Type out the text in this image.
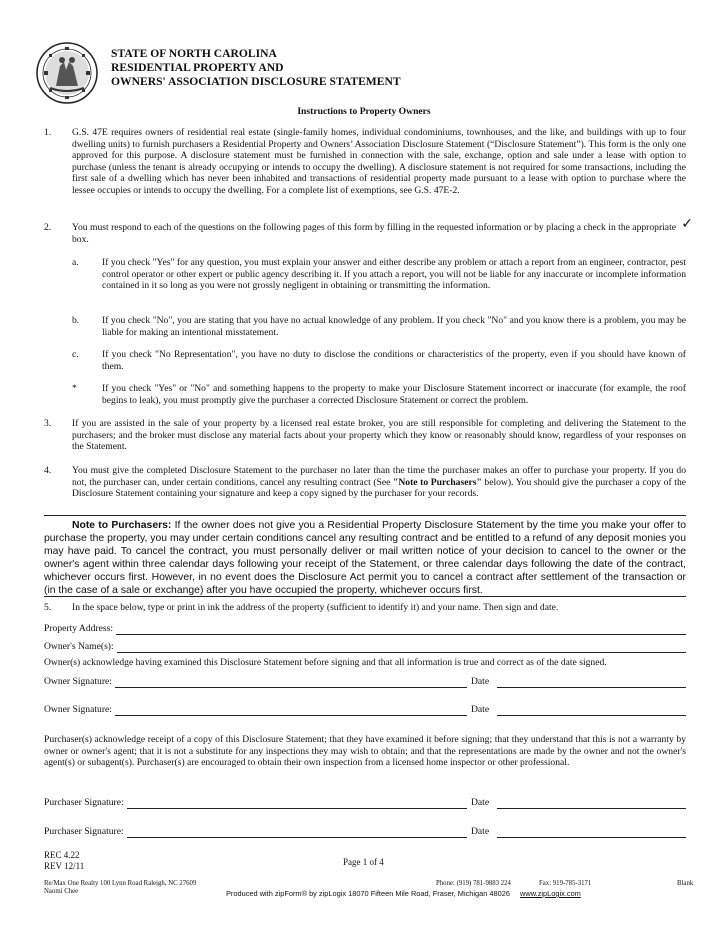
STATE OF NORTH CAROLINA
RESIDENTIAL PROPERTY AND
OWNERS' ASSOCIATION DISCLOSURE STATEMENT
Instructions to Property Owners
1. G.S. 47E requires owners of residential real estate (single-family homes, individual condominiums, townhouses, and the like, and buildings with up to four dwelling units) to furnish purchasers a Residential Property and Owners’ Association Disclosure Statement (“Disclosure Statement”). This form is the only one approved for this purpose. A disclosure statement must be furnished in connection with the sale, exchange, option and sale under a lease with option to purchase (unless the tenant is already occupying or intends to occupy the dwelling). A disclosure statement is not required for some transactions, including the first sale of a dwelling which has never been inhabited and transactions of residential property made pursuant to a lease with option to purchase where the lessee occupies or intends to occupy the dwelling. For a complete list of exemptions, see G.S. 47E-2.
2. You must respond to each of the questions on the following pages of this form by filling in the requested information or by placing a check in the appropriate box.
✓
a. If you check "Yes" for any question, you must explain your answer and either describe any problem or attach a report from an engineer, contractor, pest control operator or other expert or public agency describing it. If you attach a report, you will not be liable for any inaccurate or incomplete information contained in it so long as you were not grossly negligent in obtaining or transmitting the information.
b. If you check "No", you are stating that you have no actual knowledge of any problem. If you check "No" and you know there is a problem, you may be liable for making an intentional misstatement.
c. If you check "No Representation", you have no duty to disclose the conditions or characteristics of the property, even if you should have known of them.
*	If you check "Yes" or "No" and something happens to the property to make your Disclosure Statement incorrect or inaccurate (for example, the roof begins to leak), you must promptly give the purchaser a corrected Disclosure Statement or correct the problem.
3. If you are assisted in the sale of your property by a licensed real estate broker, you are still responsible for completing and delivering the Statement to the purchasers; and the broker must disclose any material facts about your property which they know or reasonably should know, regardless of your responses on the Statement.
4. You must give the completed Disclosure Statement to the purchaser no later than the time the purchaser makes an offer to purchase your property. If you do not, the purchaser can, under certain conditions, cancel any resulting contract (See "Note to Purchasers" below). You should give the purchaser a copy of the Disclosure Statement containing your signature and keep a copy signed by the purchaser for your records.
Note to Purchasers: If the owner does not give you a Residential Property Disclosure Statement by the time you make your offer to purchase the property, you may under certain conditions cancel any resulting contract and be entitled to a refund of any deposit monies you may have paid. To cancel the contract, you must personally deliver or mail written notice of your decision to cancel to the owner or the owner's agent within three calendar days following your receipt of the Statement, or three calendar days following the date of the contract, whichever occurs first. However, in no event does the Disclosure Act permit you to cancel a contract after settlement of the transaction or (in the case of a sale or exchange) after you have occupied the property, whichever occurs first.
5. In the space below, type or print in ink the address of the property (sufficient to identify it) and your name. Then sign and date.
Property Address:
Owner's Name(s):
Owner(s) acknowledge having examined this Disclosure Statement before signing and that all information is true and correct as of the date signed.
Owner Signature:	Date
Owner Signature:	Date
Purchaser(s) acknowledge receipt of a copy of this Disclosure Statement; that they have examined it before signing; that they understand that this is not a warranty by owner or owner's agent; that it is not a substitute for any inspections they may wish to obtain; and that the representations are made by the owner and not the owner's agent(s) or subagent(s). Purchaser(s) are encouraged to obtain their own inspection from a licensed home inspector or other professional.
Purchaser Signature:	Date
Purchaser Signature:	Date
REC 4.22
REV 12/11	Page 1 of 4
Re/Max One Realty 100 Lynn Road Raleigh, NC 27609
Naomi Chee
Phone: (919) 781-9883 224	Fax: 919-785-3171	Blank
Produced with zipForm® by zipLogix 18070 Fifteen Mile Road, Fraser, Michigan 48026 www.zipLogix.com
